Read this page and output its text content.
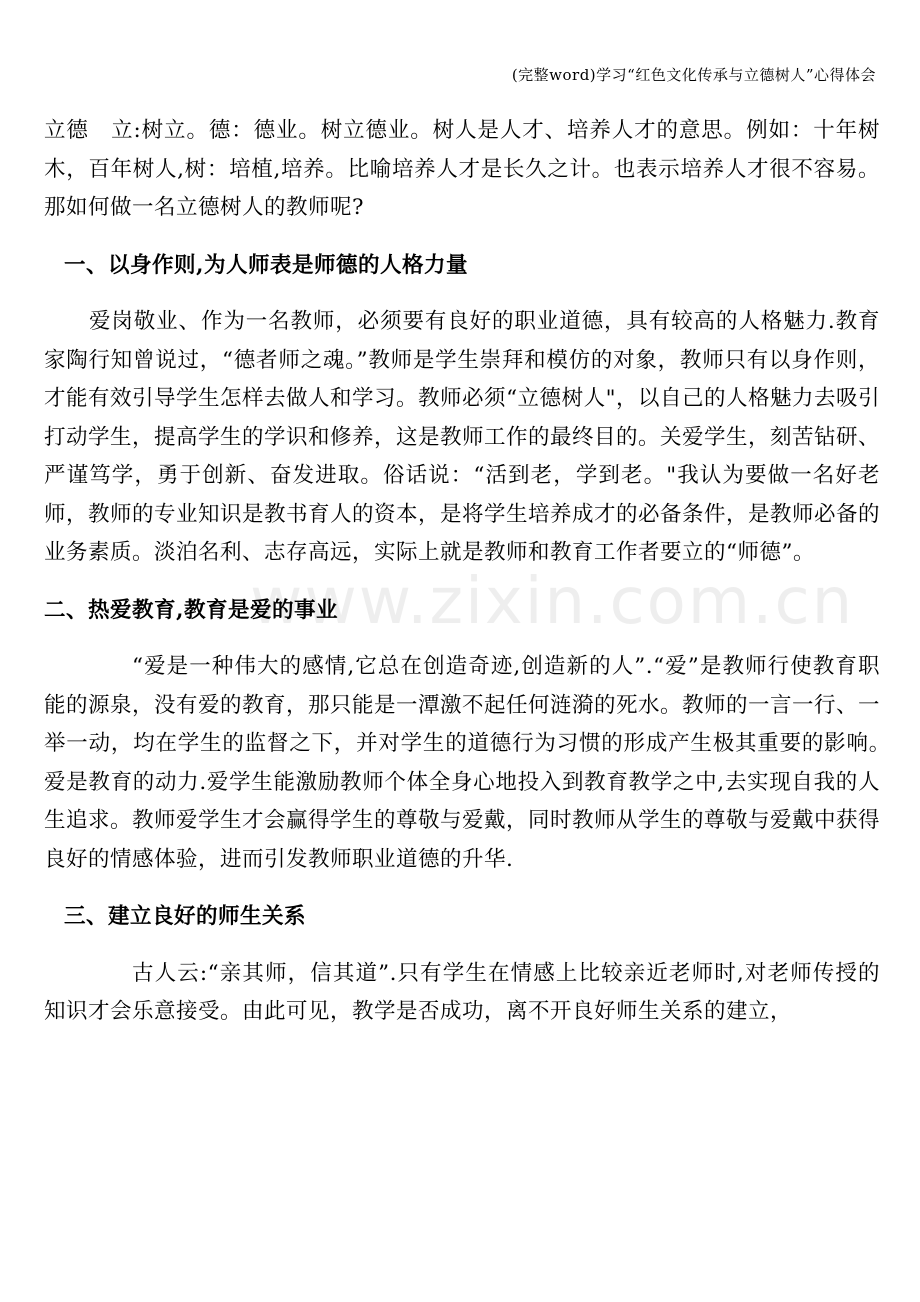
(完整word)学习“红色文化传承与立德树人”心得体会
www.zixin.com.cn

立德　立:树立。德：德业。树立德业。树人是人才、培养人才的意思。例如：十年树木，百年树人,树：培植,培养。比喻培养人才是长久之计。也表示培养人才很不容易。那如何做一名立德树人的教师呢?

一、以身作则,为人师表是师德的人格力量

爱岗敬业、作为一名教师，必须要有良好的职业道德，具有较高的人格魅力.教育家陶行知曾说过，“德者师之魂。”教师是学生崇拜和模仿的对象，教师只有以身作则，才能有效引导学生怎样去做人和学习。教师必须“立德树人"，以自己的人格魅力去吸引打动学生，提高学生的学识和修养，这是教师工作的最终目的。关爱学生，刻苦钻研、严谨笃学，勇于创新、奋发进取。俗话说：“活到老，学到老。"我认为要做一名好老师，教师的专业知识是教书育人的资本，是将学生培养成才的必备条件，是教师必备的业务素质。淡泊名利、志存高远，实际上就是教师和教育工作者要立的“师德”。

二、热爱教育,教育是爱的事业

“爱是一种伟大的感情,它总在创造奇迹,创造新的人”.“爱”是教师行使教育职能的源泉，没有爱的教育，那只能是一潭激不起任何涟漪的死水。教师的一言一行、一举一动，均在学生的监督之下，并对学生的道德行为习惯的形成产生极其重要的影响。　爱是教育的动力.爱学生能激励教师个体全身心地投入到教育教学之中,去实现自我的人生追求。教师爱学生才会赢得学生的尊敬与爱戴，同时教师从学生的尊敬与爱戴中获得良好的情感体验，进而引发教师职业道德的升华.

三、建立良好的师生关系

古人云:“亲其师，信其道”.只有学生在情感上比较亲近老师时,对老师传授的知识才会乐意接受。由此可见，教学是否成功，离不开良好师生关系的建立，
